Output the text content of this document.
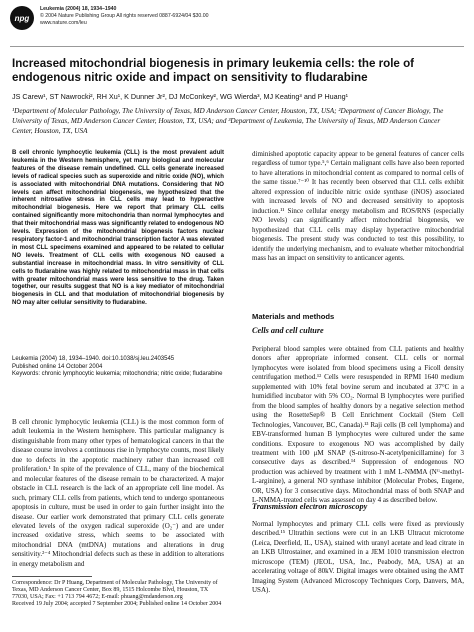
npg
Leukemia (2004) 18, 1934–1940
© 2004 Nature Publishing Group All rights reserved 0887-6924/04 $30.00
www.nature.com/leu
Increased mitochondrial biogenesis in primary leukemia cells: the role of endogenous nitric oxide and impact on sensitivity to fludarabine
JS Carew¹, ST Nawrocki², RH Xu¹, K Dunner Jr², DJ McConkey², WG Wierda³, MJ Keating³ and P Huang¹
¹Department of Molecular Pathology, The University of Texas, MD Anderson Cancer Center, Houston, TX, USA; ²Department of Cancer Biology, The University of Texas, MD Anderson Cancer Center, Houston, TX, USA; and ³Department of Leukemia, The University of Texas, MD Anderson Cancer Center, Houston, TX, USA

B cell chronic lymphocytic leukemia (CLL) is the most prevalent adult leukemia in the Western hemisphere, yet many biological and molecular features of the disease remain undefined. CLL cells generate increased levels of radical species such as superoxide and nitric oxide (NO), which is associated with mitochondrial DNA mutations. Considering that NO levels can affect mitochondrial biogenesis, we hypothesized that the inherent nitrosative stress in CLL cells may lead to hyperactive mitochondrial biogenesis. Here we report that primary CLL cells contained significantly more mitochondria than normal lymphocytes and that their mitochondrial mass was significantly related to endogenous NO levels. Expression of the mitochondrial biogenesis factors nuclear respiratory factor-1 and mitochondrial transcription factor A was elevated in most CLL specimens examined and appeared to be related to cellular NO levels. Treatment of CLL cells with exogenous NO caused a substantial increase in mitochondrial mass. In vitro sensitivity of CLL cells to fludarabine was highly related to mitochondrial mass in that cells with greater mitochondrial mass were less sensitive to the drug. Taken together, our results suggest that NO is a key mediator of mitochondrial biogenesis in CLL and that modulation of mitochondrial biogenesis by NO may alter cellular sensitivity to fludarabine.

Leukemia (2004) 18, 1934–1940. doi:10.1038/sj.leu.2403545
Published online 14 October 2004
Keywords: chronic lymphocytic leukemia; mitochondria; nitric oxide; fludarabine

B cell chronic lymphocytic leukemia (CLL) is the most common form of adult leukemia in the Western hemisphere. This particular malignancy is distinguishable from many other types of hematological cancers in that the disease course involves a continuous rise in lymphocyte counts, most likely due to defects in the apoptotic machinery rather than increased cell proliferation.¹ In spite of the prevalence of CLL, many of the biochemical and molecular features of the disease remain to be characterized. A major obstacle in CLL research is the lack of an appropriate cell line model. As such, primary CLL cells from patients, which tend to undergo spontaneous apoptosis in culture, must be used in order to gain further insight into the disease. Our earlier work demonstrated that primary CLL cells generate elevated levels of the oxygen radical superoxide (O₂⁻) and are under increased oxidative stress, which seems to be associated with mitochondrial DNA (mtDNA) mutations and alterations in drug sensitivity.²⁻⁴ Mitochondrial defects such as these in addition to alterations in energy metabolism and

Correspondence: Dr P Huang, Department of Molecular Pathology, The University of Texas, MD Anderson Cancer Center, Box 89, 1515 Holcombe Blvd, Houston, TX 77030, USA; Fax: +1 713 794 4672; E-mail: phuang@mdanderson.org
Received 19 July 2004; accepted 7 September 2004; Published online 14 October 2004

diminished apoptotic capacity appear to be general features of cancer cells regardless of tumor type.⁵,⁶ Certain malignant cells have also been reported to have alterations in mitochondrial content as compared to normal cells of the same tissue.⁷⁻¹⁰ It has recently been observed that CLL cells exhibit altered expression of inducible nitric oxide synthase (iNOS) associated with increased levels of NO and decreased sensitivity to apoptosis induction.¹¹ Since cellular energy metabolism and ROS/RNS (especially NO levels) can significantly affect mitochondrial biogenesis, we hypothesized that CLL cells may display hyperactive mitochondrial biogenesis. The present study was conducted to test this possibility, to identify the underlying mechanism, and to evaluate whether mitochondrial mass has an impact on sensitivity to anticancer agents.

Materials and methods
Cells and cell culture

Peripheral blood samples were obtained from CLL patients and healthy donors after appropriate informed consent. CLL cells or normal lymphocytes were isolated from blood specimens using a Ficoll density centrifugation method.¹² Cells were resuspended in RPMI 1640 medium supplemented with 10% fetal bovine serum and incubated at 37°C in a humidified incubator with 5% CO₂. Normal B lymphocytes were purified from the blood samples of healthy donors by a negative selection method using the RosetteSep® B Cell Enrichment Cocktail (Stem Cell Technologies, Vancouver, BC, Canada).¹³ Raji cells (B cell lymphoma) and EBV-transformed human B lymphocytes were cultured under the same conditions. Exposure to exogenous NO was accomplished by daily treatment with 100 μM SNAP (S-nitroso-N-acetylpenicillamine) for 3 consecutive days as described.¹⁴ Suppression of endogenous NO production was achieved by treatment with 1 mM L-NMMA (Nᴳ-methyl-L-arginine), a general NO synthase inhibitor (Molecular Probes, Eugene, OR, USA) for 3 consecutive days. Mitochondrial mass of both SNAP and L-NMMA-treated cells was assessed on day 4 as described below.

Transmission electron microscopy

Normal lymphocytes and primary CLL cells were fixed as previously described.¹⁵ Ultrathin sections were cut in an LKB Ultracut microtome (Leica, Deerfield, IL, USA), stained with uranyl acetate and lead citrate in an LKB Ultrostainer, and examined in a JEM 1010 transmission electron microscope (TEM) (JEOL, USA, Inc., Peabody, MA, USA) at an accelerating voltage of 80kV. Digital images were obtained using the AMT Imaging System (Advanced Microscopy Techniques Corp, Danvers, MA, USA).
